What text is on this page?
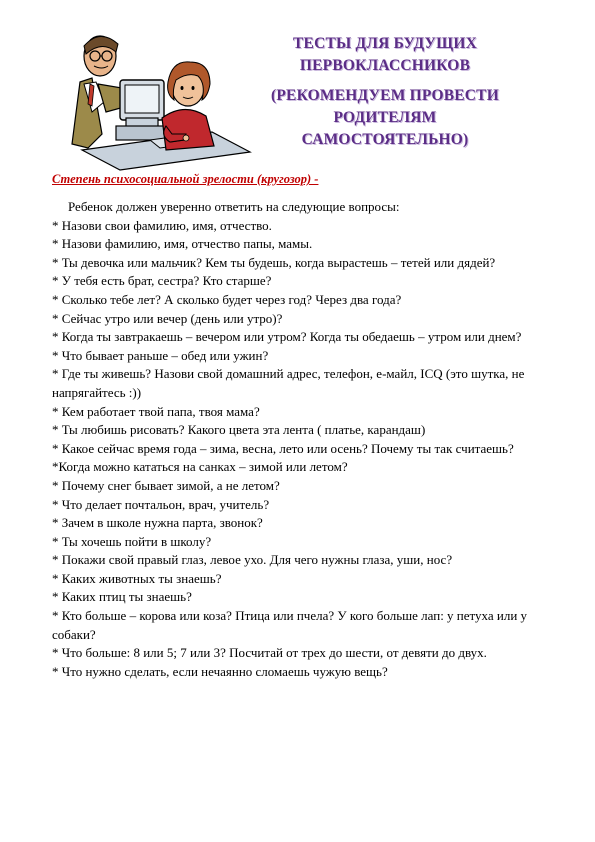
ТЕСТЫ ДЛЯ БУДУЩИХ
ПЕРВОКЛАССНИКОВ
(РЕКОМЕНДУЕМ ПРОВЕСТИ
РОДИТЕЛЯМ САМОСТОЯТЕЛЬНО)
Степень психосоциальной зрелости (кругозор) -
Ребенок должен уверенно ответить на следующие вопросы:
* Назови свои фамилию, имя, отчество.
* Назови фамилию, имя, отчество папы, мамы.
* Ты девочка или мальчик? Кем ты будешь, когда вырастешь – тетей или дядей?
* У тебя есть брат, сестра? Кто старше?
* Сколько тебе лет? А сколько будет через год? Через два года?
* Сейчас утро или вечер (день или утро)?
* Когда ты завтракаешь – вечером или утром? Когда ты обедаешь – утром или днем?
* Что бывает раньше – обед или ужин?
* Где ты живешь? Назови свой домашний адрес, телефон, е-майл, ICQ (это шутка, не напрягайтесь :))
* Кем работает твой папа, твоя мама?
* Ты любишь рисовать? Какого цвета эта лента ( платье, карандаш)
* Какое сейчас время года – зима, весна, лето или осень? Почему ты так считаешь?
*Когда можно кататься на санках – зимой или летом?
* Почему снег бывает зимой, а не летом?
* Что делает почтальон, врач, учитель?
* Зачем в школе нужна парта, звонок?
* Ты хочешь пойти в школу?
* Покажи свой правый глаз, левое ухо. Для чего нужны глаза, уши, нос?
* Каких животных ты знаешь?
* Каких птиц ты знаешь?
* Кто больше – корова или коза? Птица или пчела? У кого больше лап: у петуха или у собаки?
* Что больше: 8 или 5; 7 или 3? Посчитай от трех до шести, от девяти до двух.
* Что нужно сделать, если нечаянно сломаешь чужую вещь?
